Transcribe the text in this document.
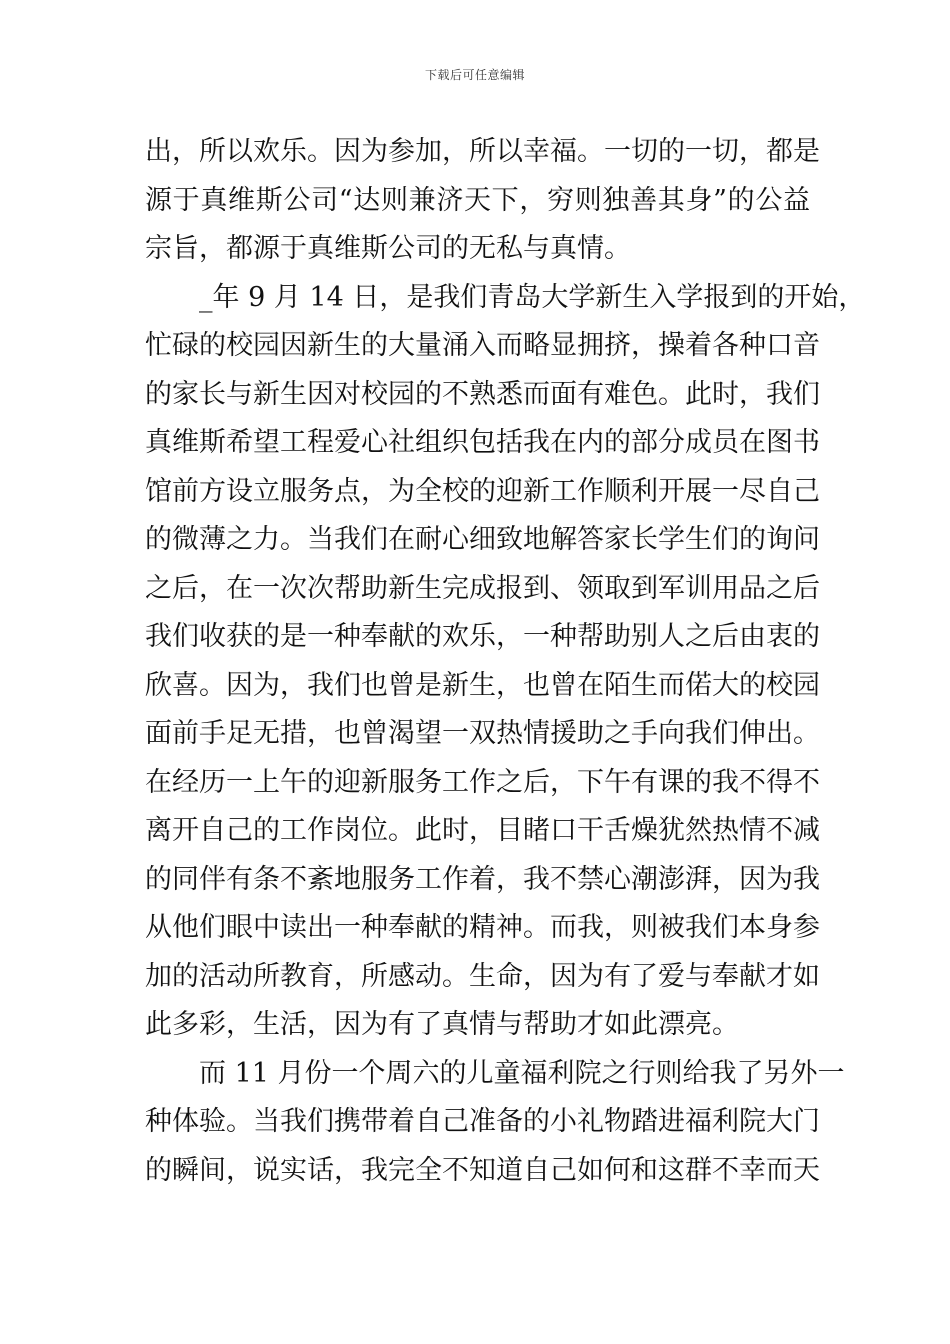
下载后可任意编辑
出，所以欢乐。因为参加，所以幸福。一切的一切，都是
源于真维斯公司“达则兼济天下，穷则独善其身”的公益
宗旨，都源于真维斯公司的无私与真情。
_年 9 月 14 日，是我们青岛大学新生入学报到的开始，
忙碌的校园因新生的大量涌入而略显拥挤，操着各种口音
的家长与新生因对校园的不熟悉而面有难色。此时，我们
真维斯希望工程爱心社组织包括我在内的部分成员在图书
馆前方设立服务点，为全校的迎新工作顺利开展一尽自己
的微薄之力。当我们在耐心细致地解答家长学生们的询问
之后，在一次次帮助新生完成报到、领取到军训用品之后
我们收获的是一种奉献的欢乐，一种帮助别人之后由衷的
欣喜。因为，我们也曾是新生，也曾在陌生而偌大的校园
面前手足无措，也曾渴望一双热情援助之手向我们伸出。
在经历一上午的迎新服务工作之后，下午有课的我不得不
离开自己的工作岗位。此时，目睹口干舌燥犹然热情不减
的同伴有条不紊地服务工作着，我不禁心潮澎湃，因为我
从他们眼中读出一种奉献的精神。而我，则被我们本身参
加的活动所教育，所感动。生命，因为有了爱与奉献才如
此多彩，生活，因为有了真情与帮助才如此漂亮。
而 11 月份一个周六的儿童福利院之行则给我了另外一
种体验。当我们携带着自己准备的小礼物踏进福利院大门
的瞬间，说实话，我完全不知道自己如何和这群不幸而天
